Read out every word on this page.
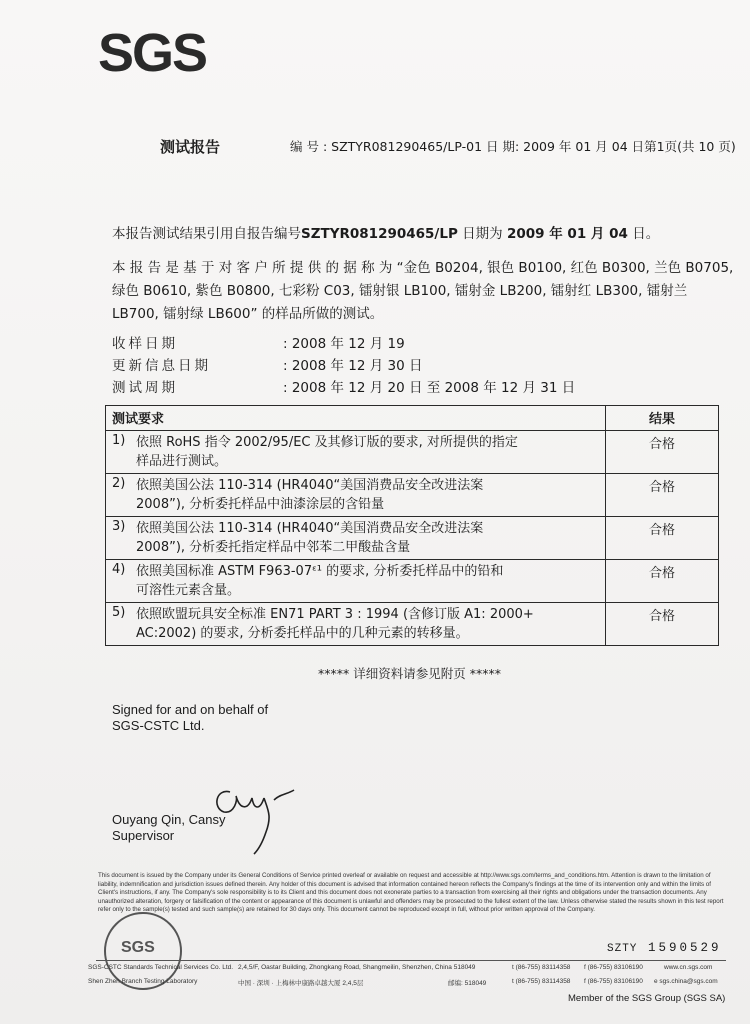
SGS
测试报告	编 号 : SZTYR081290465/LP-01 日 期: 2009 年 01 月 04 日第1页(共 10 页)
本报告测试结果引用自报告编号SZTYR081290465/LP 日期为 2009 年 01 月 04 日。
本 报 告 是 基 于 对 客 户 所 提 供 的 据 称 为 “金色 B0204, 银色 B0100, 红色 B0300, 兰色 B0705,
绿色 B0610, 紫色 B0800, 七彩粉 C03, 镭射银 LB100, 镭射金 LB200, 镭射红 LB300, 镭射兰
LB700, 镭射绿 LB600” 的样品所做的测试。
收样日期	: 2008 年 12 月 19
更新信息日期	: 2008 年 12 月 30 日
测试周期	: 2008 年 12 月 20 日 至 2008 年 12 月 31 日
测试要求	结果

1) 依照 RoHS 指令 2002/95/EC 及其修订版的要求, 对所提供的指定
样品进行测试。	合格

2) 依照美国公法 110-314 (HR4040“美国消费品安全改进法案
2008”), 分析委托样品中油漆涂层的含铅量	合格

3) 依照美国公法 110-314 (HR4040“美国消费品安全改进法案
2008”), 分析委托指定样品中邻苯二甲酸盐含量	合格

4) 依照美国标准 ASTM F963-07ᵋ¹ 的要求, 分析委托样品中的铅和
可溶性元素含量。	合格

5) 依照欧盟玩具安全标准 EN71 PART 3 : 1994 (含修订版 A1: 2000+
AC:2002) 的要求, 分析委托样品中的几种元素的转移量。	合格
***** 详细资料请参见附页 *****
Signed for and on behalf of
SGS-CSTC Ltd.
Ouyang Qin, Cansy
Supervisor
This document is issued by the Company under its General Conditions of Service printed overleaf or available on request and accessible at http://www.sgs.com/terms_and_conditions.htm. Attention is drawn to the limitation of liability, indemnification and jurisdiction issues defined therein. Any holder of this document is advised that information contained hereon reflects the Company's findings at the time of its intervention only and within the limits of Client's instructions, if any. The Company's sole responsibility is to its Client and this document does not exonerate parties to a transaction from exercising all their rights and obligations under the transaction documents. Any unauthorized alteration, forgery or falsification of the content or appearance of this document is unlawful and offenders may be prosecuted to the fullest extent of the law. Unless otherwise stated the results shown in this test report refer only to the sample(s) tested and such sample(s) are retained for 30 days only. This document cannot be reproduced except in full, without prior written approval of the Company.
SGS	SZTY 1590529
SGS-CSTC Standards Technical Services Co. Ltd.
Shen Zhen Branch Testing Laboratory
2,4,5/F, Oastar Building, Zhongkang Road, Shangmeilin, Shenzhen, China 518049
中国 · 深圳 · 上梅林中康路卓越大厦 2,4,5层	邮编: 518049
t (86-755) 83114358
t (86-755) 83114358
f (86-755) 83106190
f (86-755) 83106190
www.cn.sgs.com
e sgs.china@sgs.com
Member of the SGS Group (SGS SA)
